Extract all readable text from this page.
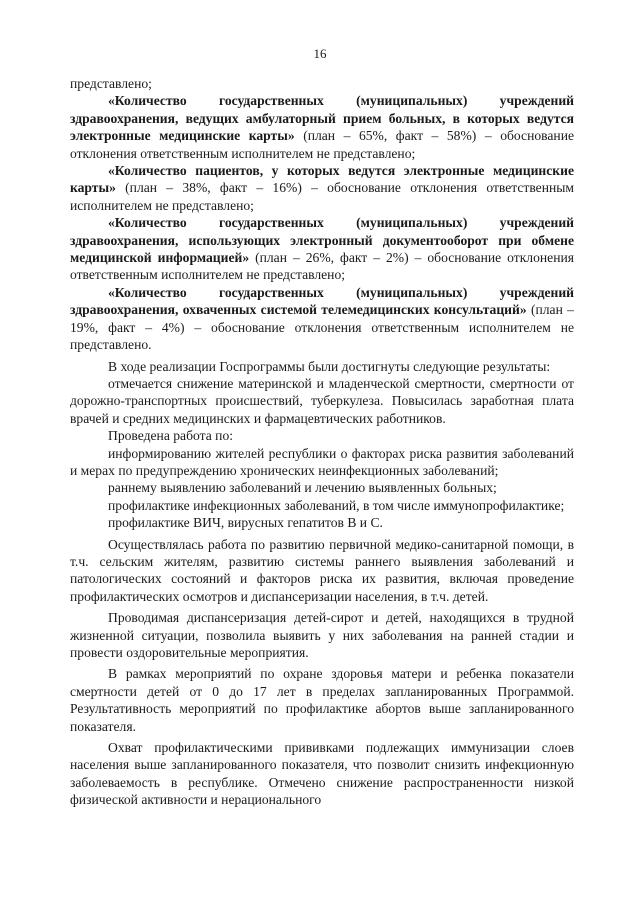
16

представлено;

«Количество государственных (муниципальных) учреждений здравоохранения, ведущих амбулаторный прием больных, в которых ведутся электронные медицинские карты» (план – 65%, факт – 58%) – обоснование отклонения ответственным исполнителем не представлено;

«Количество пациентов, у которых ведутся электронные медицинские карты» (план – 38%, факт – 16%) – обоснование отклонения ответственным исполнителем не представлено;

«Количество государственных (муниципальных) учреждений здравоохранения, использующих электронный документооборот при обмене медицинской информацией» (план – 26%, факт – 2%) – обоснование отклонения ответственным исполнителем не представлено;

«Количество государственных (муниципальных) учреждений здравоохранения, охваченных системой телемедицинских консультаций» (план – 19%, факт – 4%) – обоснование отклонения ответственным исполнителем не представлено.

В ходе реализации Госпрограммы были достигнуты следующие результаты:

отмечается снижение материнской и младенческой смертности, смертности от дорожно-транспортных происшествий, туберкулеза. Повысилась заработная плата врачей и средних медицинских и фармацевтических работников.

Проведена работа по:

информированию жителей республики о факторах риска развития заболеваний и мерах по предупреждению хронических неинфекционных заболеваний;

раннему выявлению заболеваний и лечению выявленных больных;

профилактике инфекционных заболеваний, в том числе иммунопрофилактике;

профилактике ВИЧ, вирусных гепатитов В и С.

Осуществлялась работа по развитию первичной медико-санитарной помощи, в т.ч. сельским жителям, развитию системы раннего выявления заболеваний и патологических состояний и факторов риска их развития, включая проведение профилактических осмотров и диспансеризации населения, в т.ч. детей.

Проводимая диспансеризация детей-сирот и детей, находящихся в трудной жизненной ситуации, позволила выявить у них заболевания на ранней стадии и провести оздоровительные мероприятия.

В рамках мероприятий по охране здоровья матери и ребенка показатели смертности детей от 0 до 17 лет в пределах запланированных Программой. Результативность мероприятий по профилактике абортов выше запланированного показателя.

Охват профилактическими прививками подлежащих иммунизации слоев населения выше запланированного показателя, что позволит снизить инфекционную заболеваемость в республике. Отмечено снижение распространенности низкой физической активности и нерационального
